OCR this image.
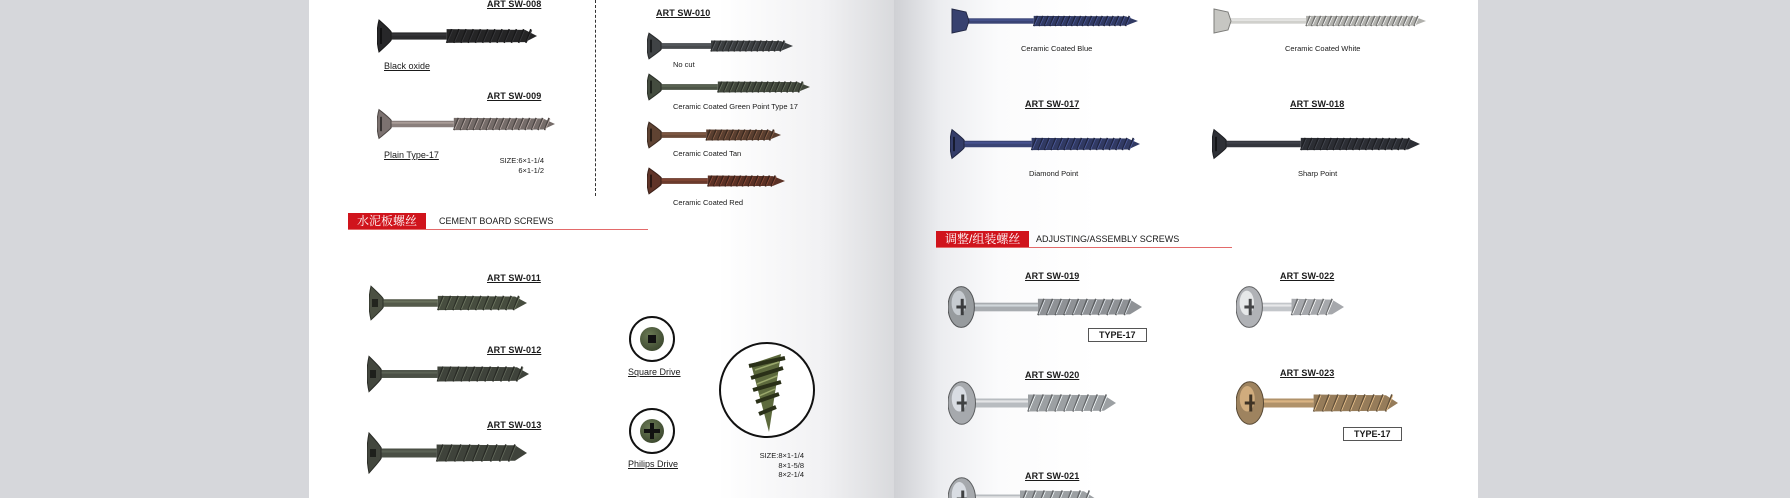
ART SW-008
Black oxide
ART SW-009
Plain Type-17
SIZE:6×1-1/4
6×1-1/2
ART SW-010
No cut
Ceramic Coated Green Point Type 17
Ceramic Coated Tan
Ceramic Coated Red
水泥板螺丝	CEMENT BOARD SCREWS
ART SW-011
ART SW-012
ART SW-013
Square Drive
Philips Drive
SIZE:8×1-1/4
8×1-5/8
8×2-1/4
Ceramic Coated Blue	Ceramic Coated White
ART SW-017
Diamond Point
ART SW-018
Sharp Point
调整/组装螺丝	ADJUSTING/ASSEMBLY SCREWS
ART SW-019
TYPE-17
ART SW-022
ART SW-020	ART SW-023
TYPE-17
ART SW-021
